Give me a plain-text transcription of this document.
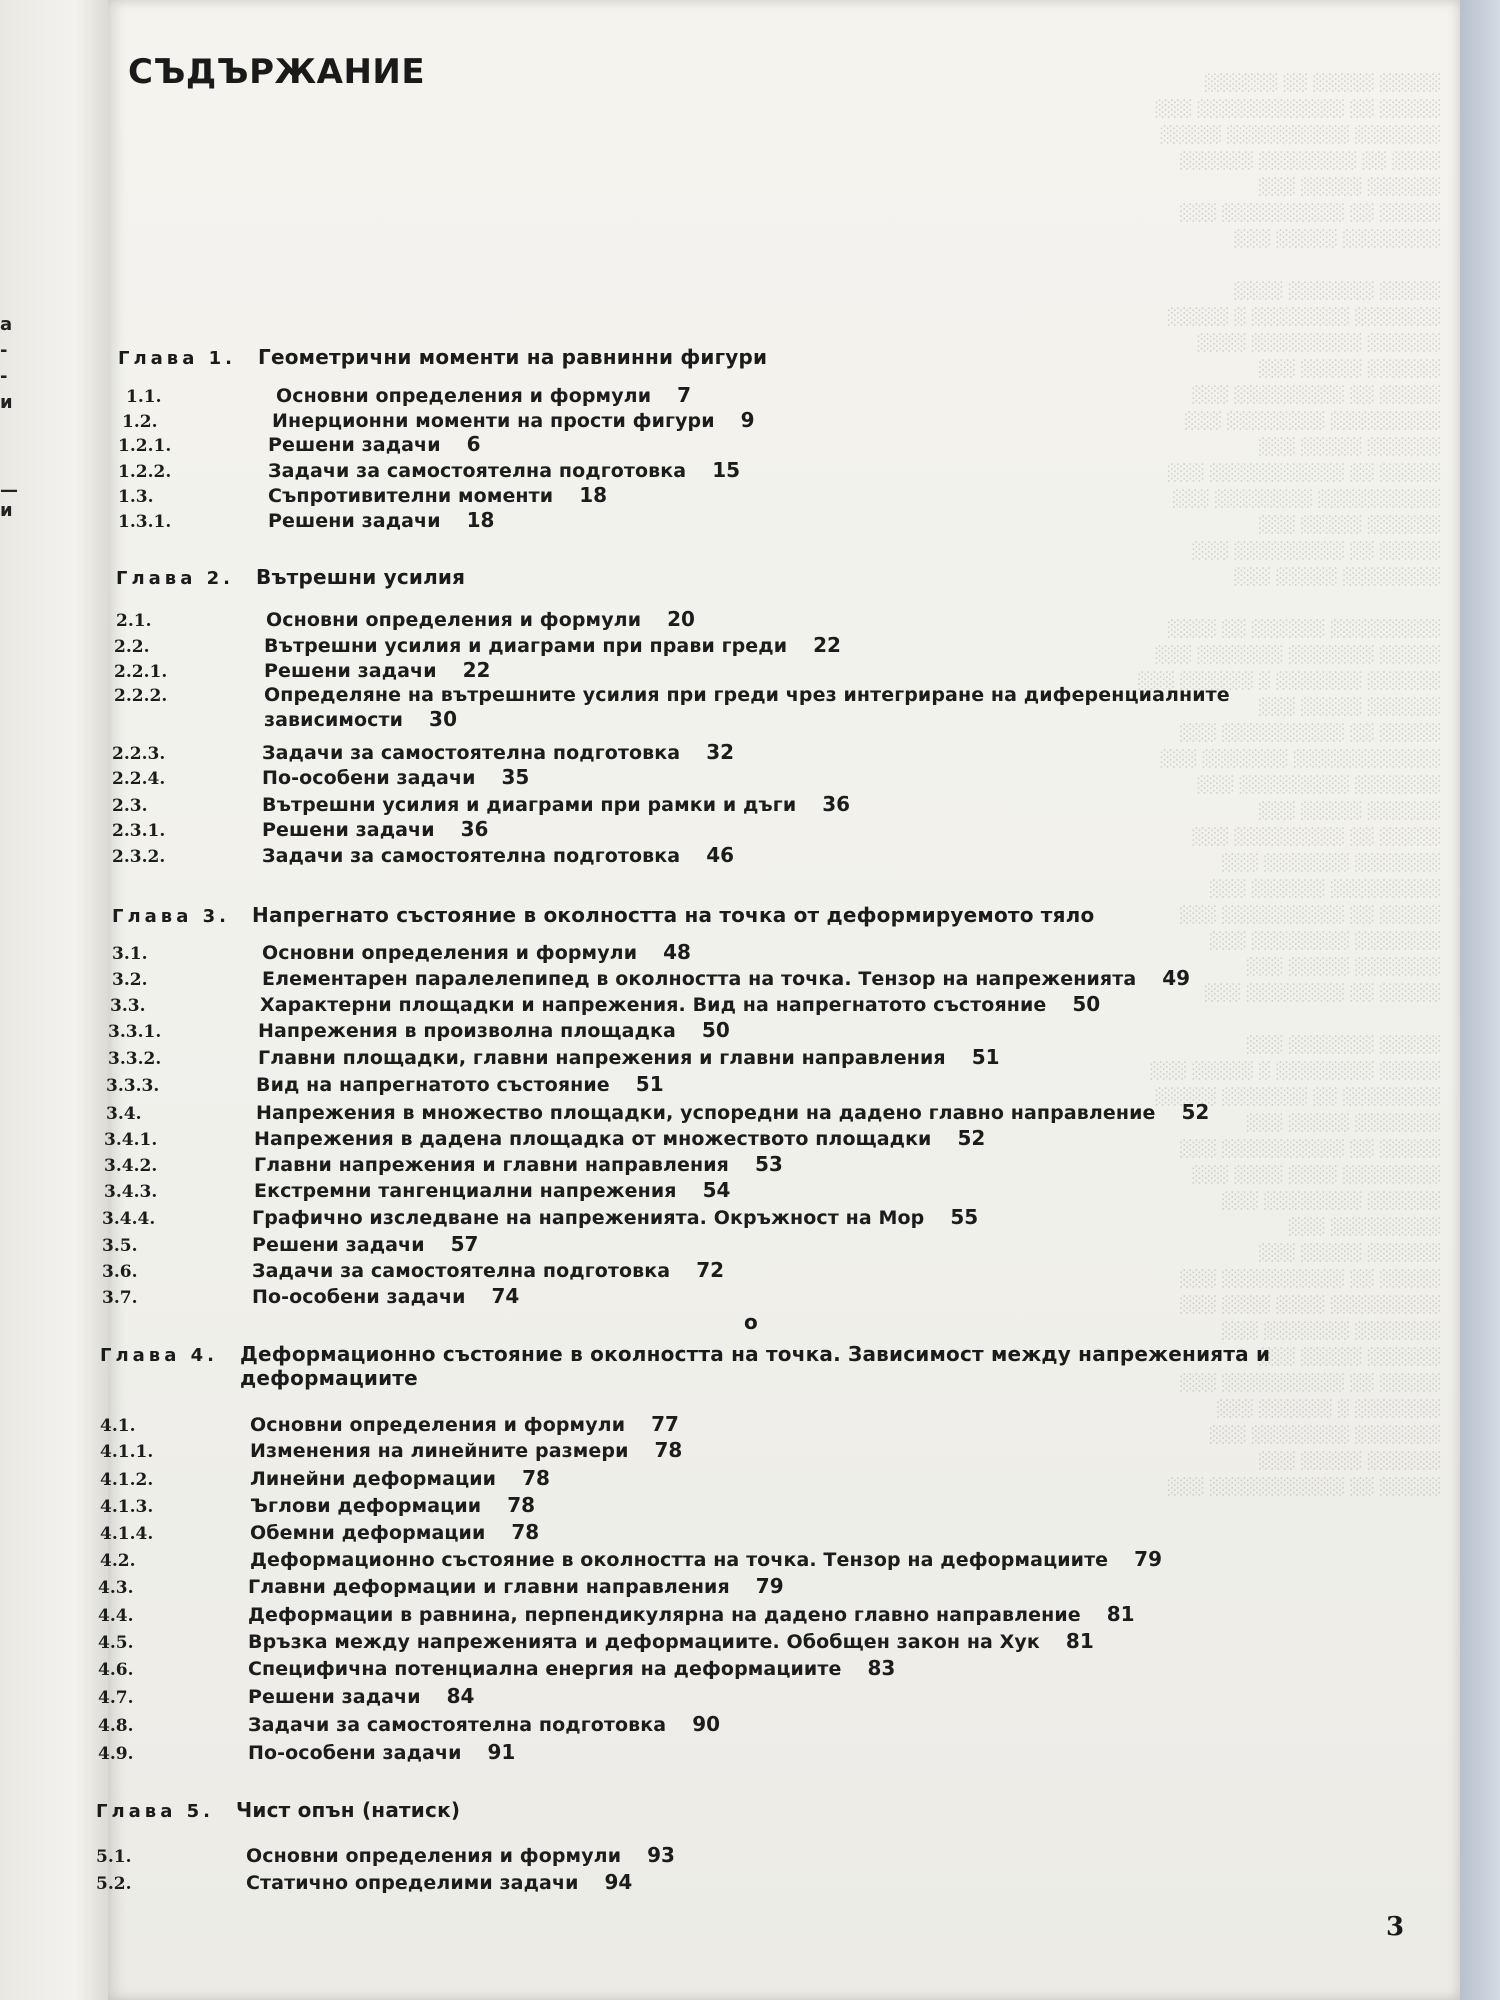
а
-
-
и
—
и
░░░░░ ░░░░░ ░░ ░░░░░░
░░░░░ ░░ ░░░░░░░░░░░░ ░░░
░░░░░░░ ░░░░░░░░░░ ░░░░░
░░░░ ░░ ░░░░░░░░ ░░░░░░
░░░░░░ ░░░░░ ░░░
░░░░░ ░░ ░░░░░░░░░░ ░░░
░░░░░░░░ ░░░░░ ░░░

░░░░░ ░░░░░░░ ░░░░
░░░░░░░ ░░░░░░░░ ░ ░░░░░
░░░░░░ ░░░░░░░░░ ░░░░
░░░░░░ ░░░░░ ░░░
░░░░░ ░░ ░░░░░░░░░ ░░░
░░░░░░░░░ ░░░░░░░░ ░░░
░░░░░░ ░░░░░ ░░░
░░░░░ ░░ ░░░░░░░░░░░ ░░░
░░░░░░░░░░ ░░░░░░░░ ░░░
░░░░░░ ░░░░░ ░░░
░░░░░ ░░ ░░░░░░░░░ ░░░
░░░░░░░░ ░░░░░ ░░░

░░░░░░░░░ ░░░░░░ ░░ ░░░░
░░░░░ ░░░░░░░ ░░░░░░░ ░░░
░░░░░░ ░░░░░░░ ░ ░░░░░░ ░░░
░░░░░░ ░░░░░ ░░░
░░░░░ ░░ ░░░░░░░░░░ ░░░
░░░░░░░░░░░░ ░░░░░░░ ░░░
░░░░░░░ ░░░░░░░░░ ░░░
░░░░░░ ░░░░░ ░░░
░░░░░ ░░ ░░░░░░░░░ ░░░
░░░░░░░ ░░░░░░░ ░░░
░░░░░░░░░ ░░░░░░ ░░░
░░░░░ ░░ ░░░░░░░░░░ ░░░
░░░░░░░ ░░░░░░░░ ░░░
░░░░░░░ ░░░░░ ░░░
░░░░░ ░░ ░░░░░░░░ ░░░

░░░░░ ░░░░░░░ ░░░
░░░░░ ░░░░░░░░ ░ ░░░░░ ░░░
░░░░░░░░ ░░ ░░░░░░░ ░░░░░
░░░░░░░ ░░░░░ ░░░
░░░░░ ░░ ░░░░░░░░░░ ░░░
░░░░░░░░ ░░░░ ░░░░ ░░░
░░░░░░ ░░░░░░░░ ░░░
░░░░░░░░░ ░░░
░░░░░░ ░░░░░ ░░░
░░░░░ ░░ ░░░░░░░░░░ ░░░
░░░░░░░░░ ░░░░ ░░░░ ░░░
░░░░░░░ ░░░░░░░ ░░░
░░░░░░ ░░░░░ ░░░
░░░░░ ░░ ░░░░░░░░░░ ░░░
░░░░░░░ ░ ░░░░░░ ░░░
░░░░░░░ ░░░░░░░░ ░░░
░░░░░░ ░░░░░ ░░░
░░░░░ ░░ ░░░░░░░░░░░ ░░░
СЪДЪРЖАНИЕ
Глава 1.	Геометрични моменти на равнинни фигури
1.1.	Основни определения и формули 7
1.2.	Инерционни моменти на прости фигури 9
1.2.1.	Решени задачи 6
1.2.2.	Задачи за самостоятелна подготовка 15
1.3.	Съпротивителни моменти 18
1.3.1.	Решени задачи 18
Глава 2.	Вътрешни усилия
2.1.	Основни определения и формули 20
2.2.	Вътрешни усилия и диаграми при прави греди 22
2.2.1.	Решени задачи 22
2.2.2.	Определяне на вътрешните усилия при греди чрез интегриране на диференциалните зависимости 30
2.2.3.	Задачи за самостоятелна подготовка 32
2.2.4.	По-особени задачи 35
2.3.	Вътрешни усилия и диаграми при рамки и дъги 36
2.3.1.	Решени задачи 36
2.3.2.	Задачи за самостоятелна подготовка 46
Глава 3.	Напрегнато състояние в околността на точка от деформируемото тяло
3.1.	Основни определения и формули 48
3.2.	Елементарен паралелепипед в околността на точка. Тензор на напреженията 49
3.3.	Характерни площадки и напрежения. Вид на напрегнатото състояние 50
3.3.1.	Напрежения в произволна площадка 50
3.3.2.	Главни площадки, главни напрежения и главни направления 51
3.3.3.	Вид на напрегнатото състояние 51
3.4.	Напрежения в множество площадки, успоредни на дадено главно направление 52
3.4.1.	Напрежения в дадена площадка от множеството площадки 52
3.4.2.	Главни напрежения и главни направления 53
3.4.3.	Екстремни тангенциални напрежения 54
3.4.4.	Графично изследване на напреженията. Окръжност на Мор 55
3.5.	Решени задачи 57
3.6.	Задачи за самостоятелна подготовка 72
3.7.	По-особени задачи 74
o
Глава 4.	Деформационно състояние в околността на точка. Зависимост между напреженията и деформациите
4.1.	Основни определения и формули 77
4.1.1.	Изменения на линейните размери 78
4.1.2.	Линейни деформации 78
4.1.3.	Ъглови деформации 78
4.1.4.	Обемни деформации 78
4.2.	Деформационно състояние в околността на точка. Тензор на деформациите 79
4.3.	Главни деформации и главни направления 79
4.4.	Деформации в равнина, перпендикулярна на дадено главно направление 81
4.5.	Връзка между напреженията и деформациите. Обобщен закон на Хук 81
4.6.	Специфична потенциална енергия на деформациите 83
4.7.	Решени задачи 84
4.8.	Задачи за самостоятелна подготовка 90
4.9.	По-особени задачи 91
Глава 5.	Чист опън (натиск)
5.1.	Основни определения и формули 93
5.2.	Статично определими задачи 94
3
